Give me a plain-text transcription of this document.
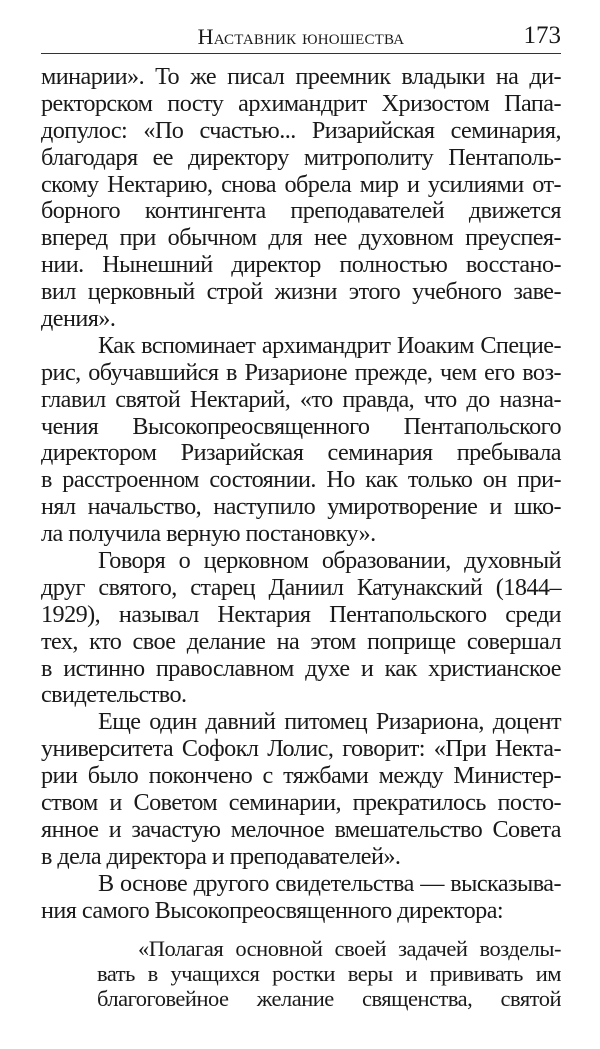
Наставник юношества	173
минарии». То же писал преемник владыки на ди-
ректорском посту архимандрит Хризостом Папа-
допулос: «По счастью... Ризарийская семинария,
благодаря ее директору митрополиту Пентаполь-
скому Нектарию, снова обрела мир и усилиями от-
борного контингента преподавателей движется
вперед при обычном для нее духовном преуспея-
нии. Нынешний директор полностью восстано-
вил церковный строй жизни этого учебного заве-
дения».
Как вспоминает архимандрит Иоаким Специе-
рис, обучавшийся в Ризарионе прежде, чем его воз-
главил святой Нектарий, «то правда, что до назна-
чения Высокопреосвященного Пентапольского
директором Ризарийская семинария пребывала
в расстроенном состоянии. Но как только он при-
нял начальство, наступило умиротворение и шко-
ла получила верную постановку».
Говоря о церковном образовании, духовный
друг святого, старец Даниил Катунакский (1844–
1929), называл Нектария Пентапольского среди
тех, кто свое делание на этом поприще совершал
в истинно православном духе и как христианское
свидетельство.
Еще один давний питомец Ризариона, доцент
университета Софокл Лолис, говорит: «При Некта-
рии было покончено с тяжбами между Министер-
ством и Советом семинарии, прекратилось посто-
янное и зачастую мелочное вмешательство Совета
в дела директора и преподавателей».
В основе другого свидетельства — высказыва-
ния самого Высокопреосвященного директора:
«Полагая основной своей задачей возделы-
вать в учащихся ростки веры и прививать им
благоговейное желание священства, святой
